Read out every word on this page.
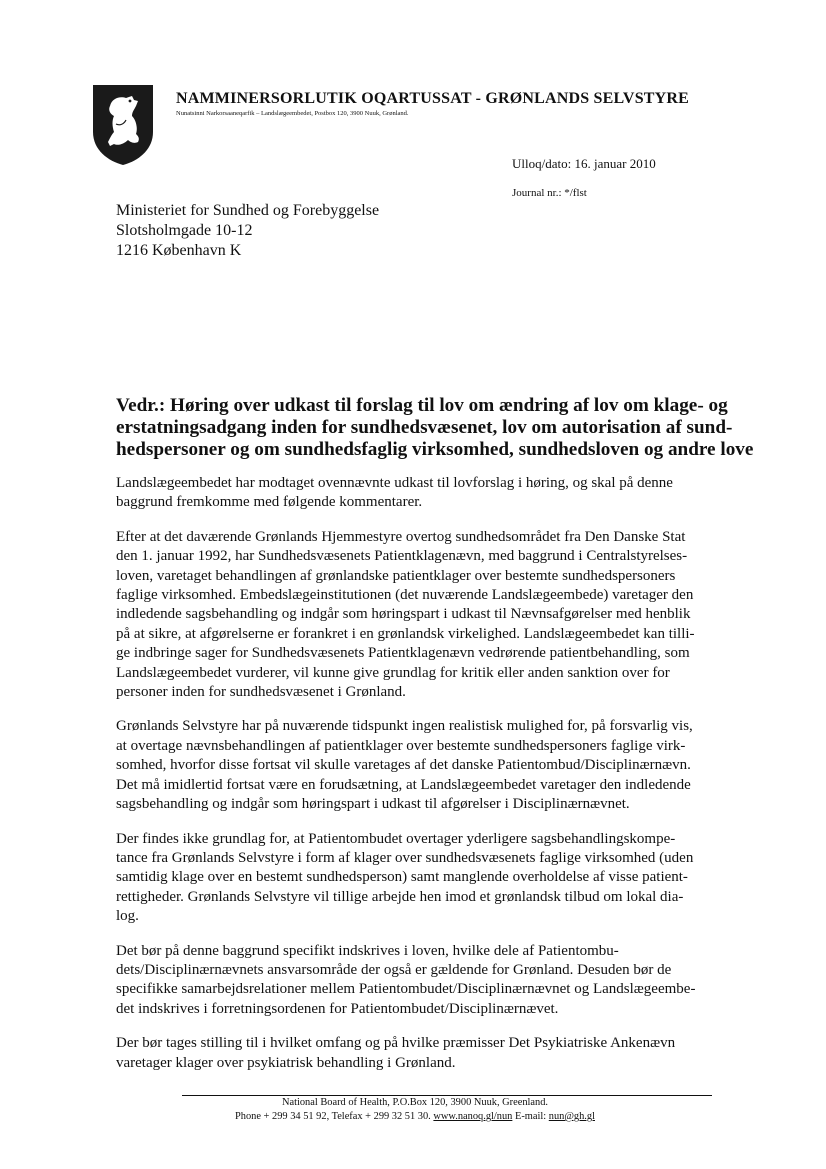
NAMMINERSORLUTIK OQARTUSSAT - GRØNLANDS SELVSTYRE
Nunatsinni Narkorsaaneqarfik – Landslægeembedet, Postbox 120, 3900 Nuuk, Grønland.
Ulloq/dato: 16. januar 2010
Journal nr.: */flst
Ministeriet for Sundhed og Forebyggelse
Slotsholmgade 10-12
1216 København K
Vedr.: Høring over udkast til forslag til lov om ændring af lov om klage- og
erstatningsadgang inden for sundhedsvæsenet, lov om autorisation af sund-
hedspersoner og om sundhedsfaglig virksomhed, sundhedsloven og andre love
Landslægeembedet har modtaget ovennævnte udkast til lovforslag i høring, og skal på denne
baggrund fremkomme med følgende kommentarer.
Efter at det daværende Grønlands Hjemmestyre overtog sundhedsområdet fra Den Danske Stat
den 1. januar 1992, har Sundhedsvæsenets Patientklagenævn, med baggrund i Centralstyrelses-
loven, varetaget behandlingen af grønlandske patientklager over bestemte sundhedspersoners
faglige virksomhed. Embedslægeinstitutionen (det nuværende Landslægeembede) varetager den
indledende sagsbehandling og indgår som høringspart i udkast til Nævnsafgørelser med henblik
på at sikre, at afgørelserne er forankret i en grønlandsk virkelighed. Landslægeembedet kan tilli-
ge indbringe sager for Sundhedsvæsenets Patientklagenævn vedrørende patientbehandling, som
Landslægeembedet vurderer, vil kunne give grundlag for kritik eller anden sanktion over for
personer inden for sundhedsvæsenet i Grønland.
Grønlands Selvstyre har på nuværende tidspunkt ingen realistisk mulighed for, på forsvarlig vis,
at overtage nævnsbehandlingen af patientklager over bestemte sundhedspersoners faglige virk-
somhed, hvorfor disse fortsat vil skulle varetages af det danske Patientombud/Disciplinærnævn.
Det må imidlertid fortsat være en forudsætning, at Landslægeembedet varetager den indledende
sagsbehandling og indgår som høringspart i udkast til afgørelser i Disciplinærnævnet.
Der findes ikke grundlag for, at Patientombudet overtager yderligere sagsbehandlingskompe-
tance fra Grønlands Selvstyre i form af klager over sundhedsvæsenets faglige virksomhed (uden
samtidig klage over en bestemt sundhedsperson) samt manglende overholdelse af visse patient-
rettigheder. Grønlands Selvstyre vil tillige arbejde hen imod et grønlandsk tilbud om lokal dia-
log.
Det bør på denne baggrund specifikt indskrives i loven, hvilke dele af Patientombu-
dets/Disciplinærnævnets ansvarsområde der også er gældende for Grønland. Desuden bør de
specifikke samarbejdsrelationer mellem Patientombudet/Disciplinærnævnet og Landslægeembe-
det indskrives i forretningsordenen for Patientombudet/Disciplinærnævet.
Der bør tages stilling til i hvilket omfang og på hvilke præmisser Det Psykiatriske Ankenævn
varetager klager over psykiatrisk behandling i Grønland.
National Board of Health, P.O.Box 120, 3900 Nuuk, Greenland.
Phone + 299 34 51 92, Telefax + 299 32 51 30. www.nanoq.gl/nun E-mail: nun@gh.gl
